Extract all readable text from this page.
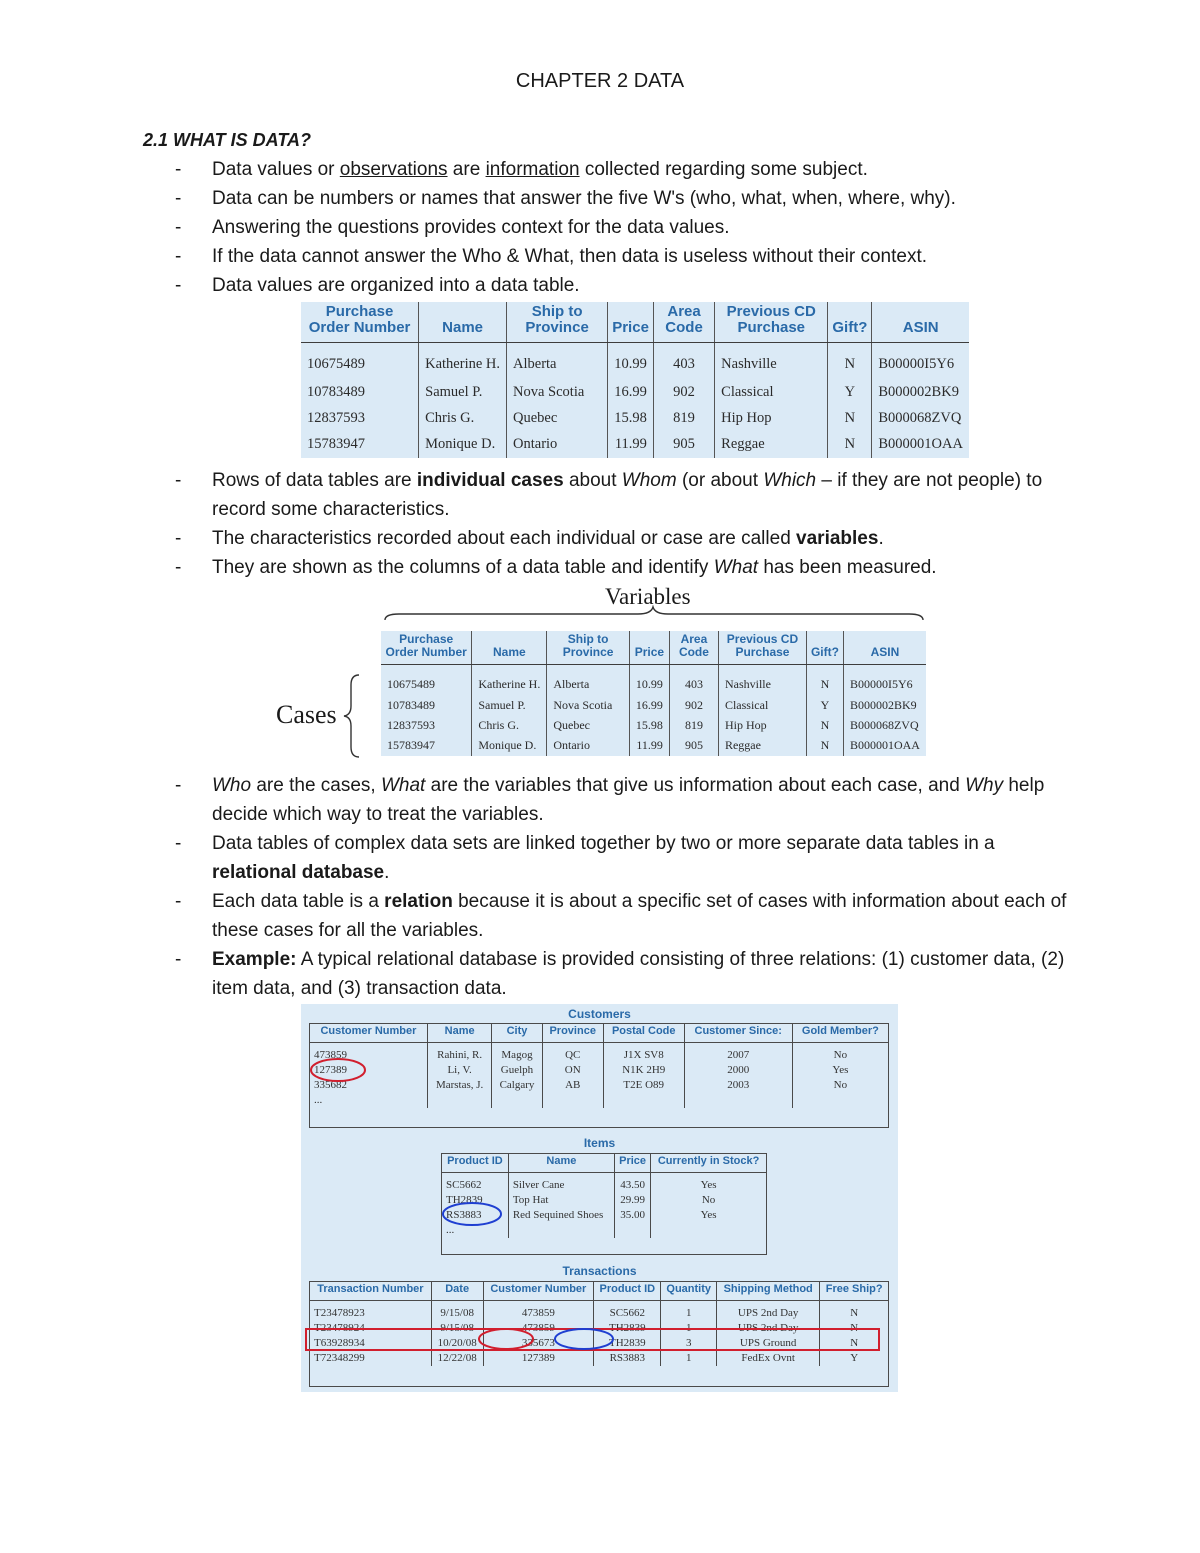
CHAPTER 2 DATA
2.1 WHAT IS DATA?
- Data values or observations are information collected regarding some subject.
- Data can be numbers or names that answer the five W's (who, what, when, where, why).
- Answering the questions provides context for the data values.
- If the data cannot answer the Who & What, then data is useless without their context.
- Data values are organized into a data table.
Purchase Order Number	Name	Ship to Province	Price	Area Code	Previous CD Purchase	Gift?	ASIN
10675489	Katherine H.	Alberta	10.99	403	Nashville	N	B00000I5Y6
10783489	Samuel P.	Nova Scotia	16.99	902	Classical	Y	B000002BK9
12837593	Chris G.	Quebec	15.98	819	Hip Hop	N	B000068ZVQ
15783947	Monique D.	Ontario	11.99	905	Reggae	N	B000001OAA
- Rows of data tables are individual cases about Whom (or about Which – if they are not people) to record some characteristics.
- The characteristics recorded about each individual or case are called variables.
- They are shown as the columns of a data table and identify What has been measured.
Variables
Cases
Purchase Order Number	Name	Ship to Province	Price	Area Code	Previous CD Purchase	Gift?	ASIN
10675489	Katherine H.	Alberta	10.99	403	Nashville	N	B00000I5Y6
10783489	Samuel P.	Nova Scotia	16.99	902	Classical	Y	B000002BK9
12837593	Chris G.	Quebec	15.98	819	Hip Hop	N	B000068ZVQ
15783947	Monique D.	Ontario	11.99	905	Reggae	N	B000001OAA
- Who are the cases, What are the variables that give us information about each case, and Why help decide which way to treat the variables.
- Data tables of complex data sets are linked together by two or more separate data tables in a relational database.
- Each data table is a relation because it is about a specific set of cases with information about each of these cases for all the variables.
- Example: A typical relational database is provided consisting of three relations: (1) customer data, (2) item data, and (3) transaction data.
Customers
Customer Number	Name	City	Province	Postal Code	Customer Since:	Gold Member?
473859	Rahini, R.	Magog	QC	J1X SV8	2007	No
127389	Li, V.	Guelph	ON	N1K 2H9	2000	Yes
335682	Marstas, J.	Calgary	AB	T2E O89	2003	No
...						
Items
Product ID	Name	Price	Currently in Stock?
SC5662	Silver Cane	43.50	Yes
TH2839	Top Hat	29.99	No
RS3883	Red Sequined Shoes	35.00	Yes
...			
Transactions
Transaction Number	Date	Customer Number	Product ID	Quantity	Shipping Method	Free Ship?
T23478923	9/15/08	473859	SC5662	1	UPS 2nd Day	N
T23478924	9/15/08	473859	TH2839	1	UPS 2nd Day	N
T63928934	10/20/08	335673	TH2839	3	UPS Ground	N
T72348299	12/22/08	127389	RS3883	1	FedEx Ovnt	Y
